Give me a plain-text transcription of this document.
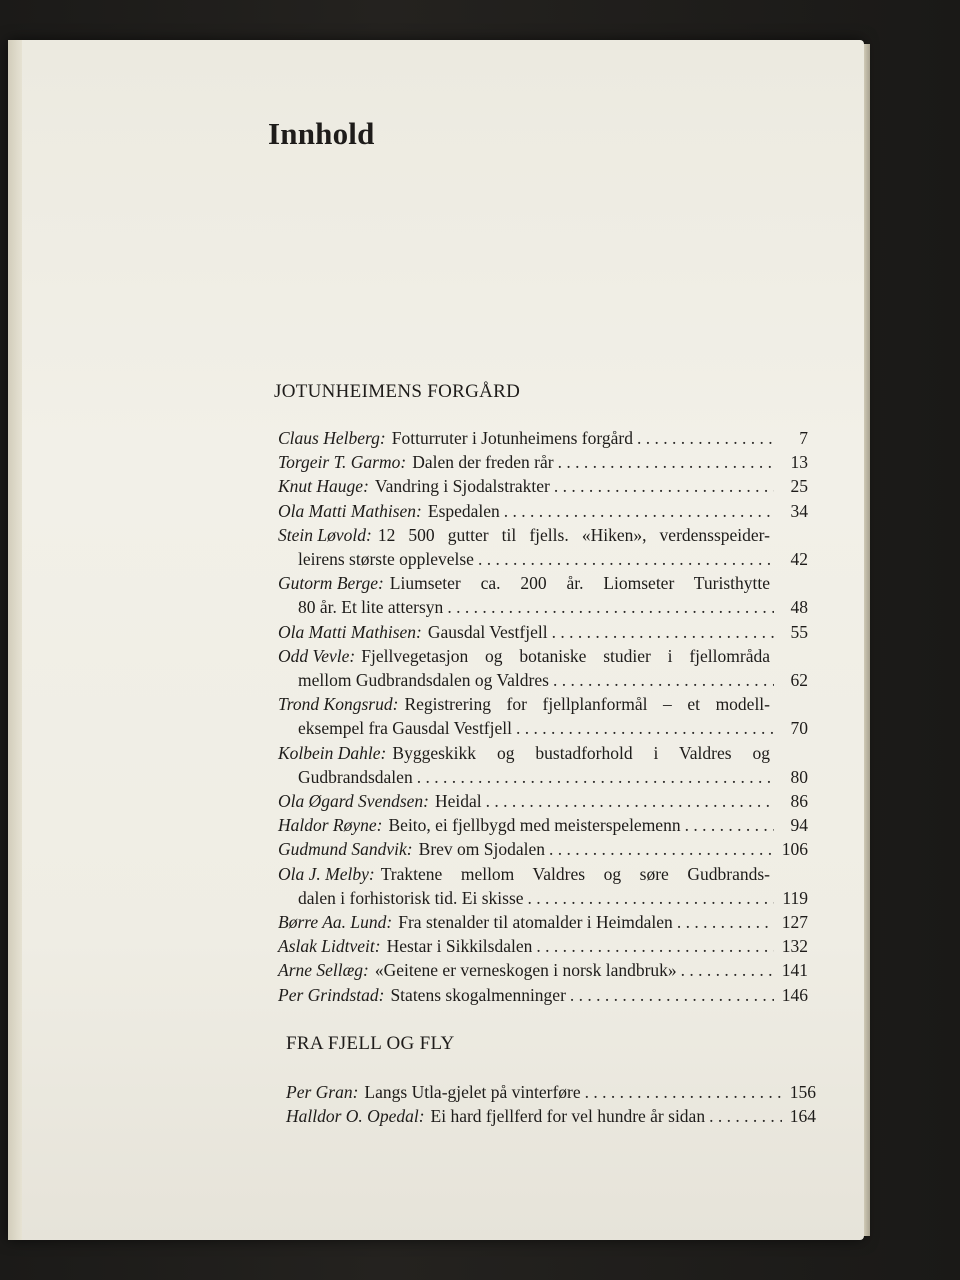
Innhold
JOTUNHEIMENS FORGÅRD
Claus Helberg: Fotturruter i Jotunheimens forgård . . .	7
Torgeir T. Garmo: Dalen der freden rår . . .	13
Knut Hauge: Vandring i Sjodalstrakter . . .	25
Ola Matti Mathisen: Espedalen . . .	34
Stein Løvold: 12 500 gutter til fjells. «Hiken», verdensspeider-
leirens største opplevelse . . .	42
Gutorm Berge: Liumseter ca. 200 år. Liomseter Turisthytte
80 år. Et lite attersyn . . .	48
Ola Matti Mathisen: Gausdal Vestfjell . . .	55
Odd Vevle: Fjellvegetasjon og botaniske studier i fjellområda
mellom Gudbrandsdalen og Valdres . . .	62
Trond Kongsrud: Registrering for fjellplanformål – et modell-
eksempel fra Gausdal Vestfjell . . .	70
Kolbein Dahle: Byggeskikk og bustadforhold i Valdres og
Gudbrandsdalen . . .	80
Ola Øgard Svendsen: Heidal . . .	86
Haldor Røyne: Beito, ei fjellbygd med meisterspelemenn . . .	94
Gudmund Sandvik: Brev om Sjodalen . . .	106
Ola J. Melby: Traktene mellom Valdres og søre Gudbrands-
dalen i forhistorisk tid. Ei skisse . . .	119
Børre Aa. Lund: Fra stenalder til atomalder i Heimdalen . . .	127
Aslak Lidtveit: Hestar i Sikkilsdalen . . .	132
Arne Sellæg: «Geitene er verneskogen i norsk landbruk» . . .	141
Per Grindstad: Statens skogalmenninger . . .	146
FRA FJELL OG FLY
Per Gran: Langs Utla-gjelet på vinterføre . . .	156
Halldor O. Opedal: Ei hard fjellferd for vel hundre år sidan . . .	164
